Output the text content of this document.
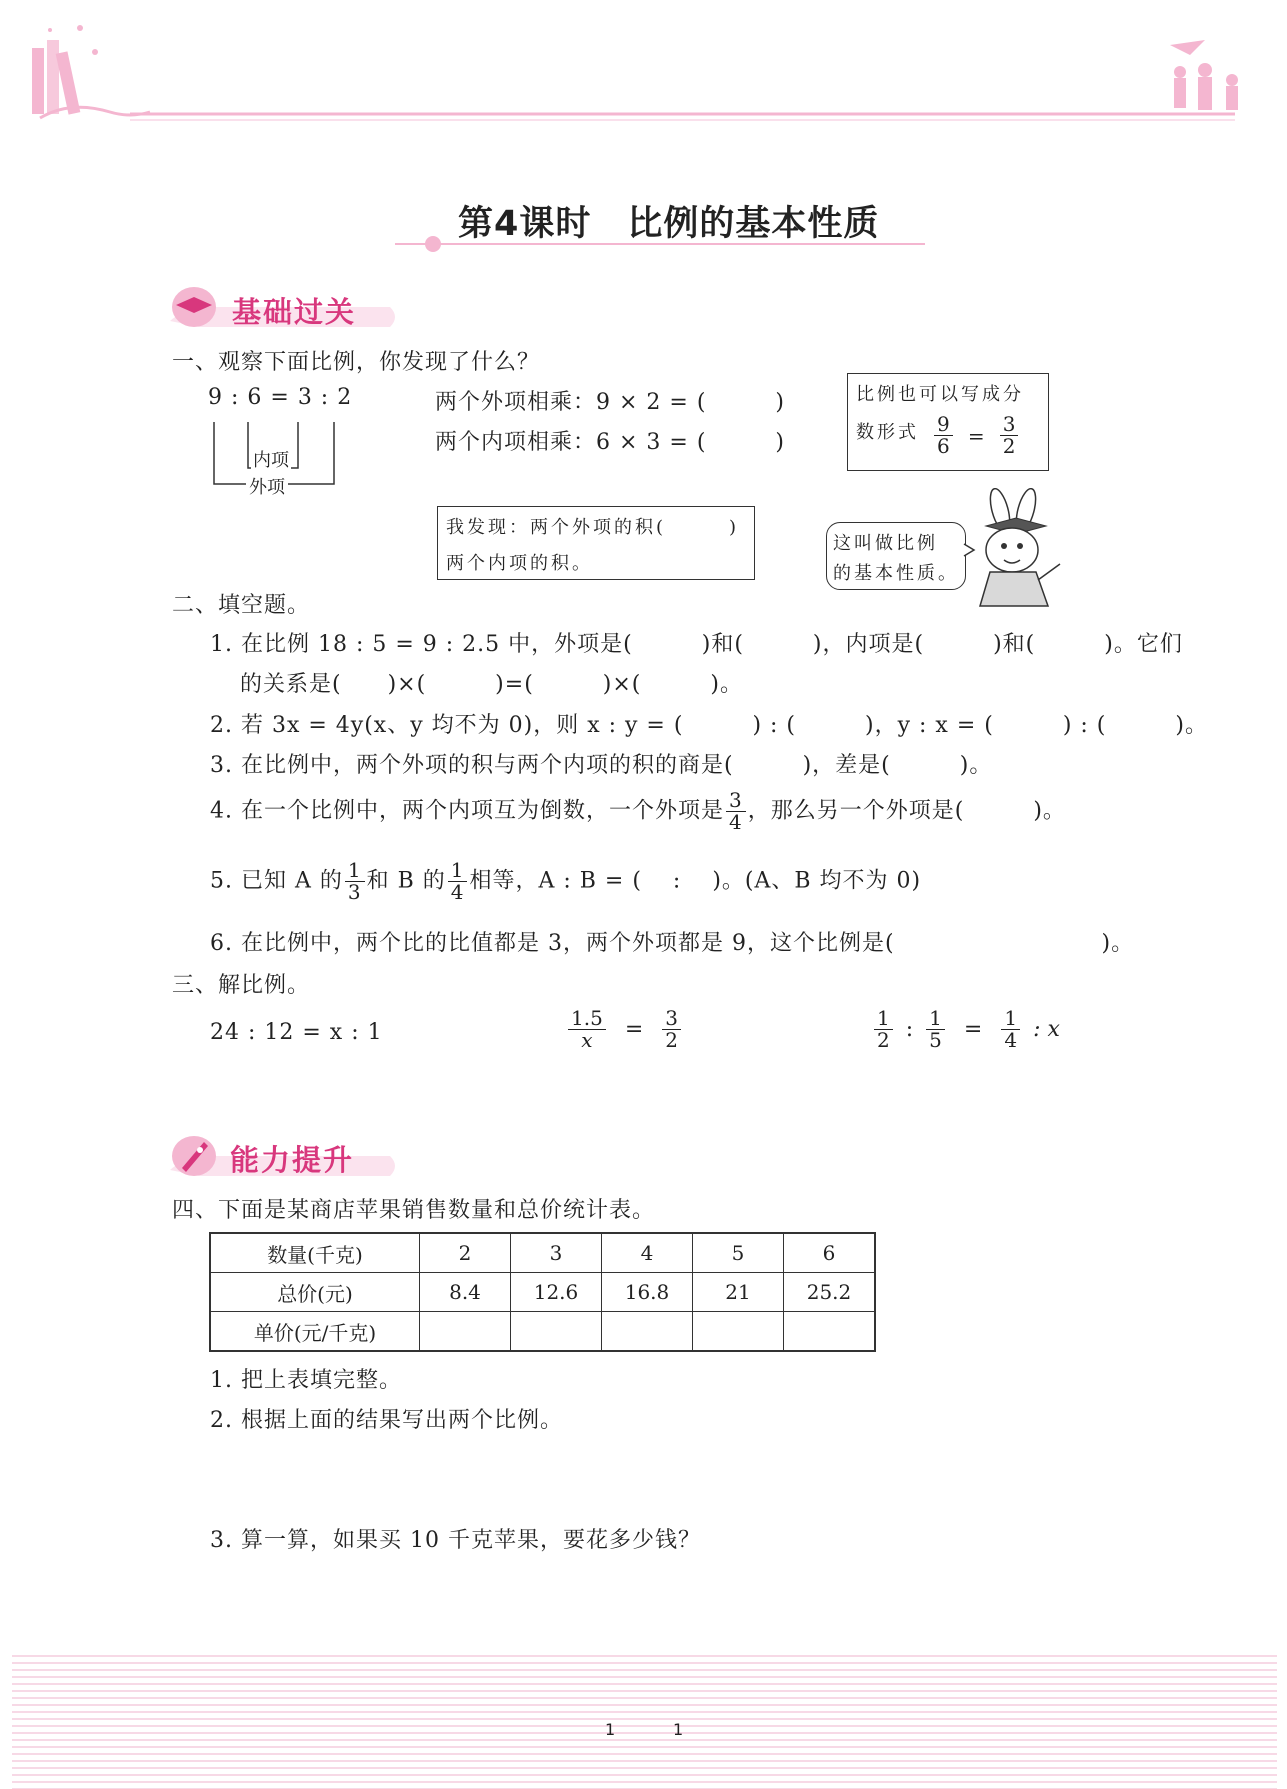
第4课时　比例的基本性质
基础过关
一、观察下面比例，你发现了什么？
9 : 6 = 3 : 2
内项
外项
两个外项相乘：9 × 2 = (　　　)
两个内项相乘：6 × 3 = (　　　)
比例也可以写成分
数形式 $\frac{9}{6} = \frac{3}{2}$
我发现：两个外项的积(　　　)
两个内项的积。
这叫做比例
的基本性质。
二、填空题。
1. 在比例 18 : 5 = 9 : 2.5 中，外项是(　　　)和(　　　)，内项是(　　　)和(　　　)。它们
的关系是(　　)×(　　　)=(　　　)×(　　　)。
2. 若 3x = 4y(x、y 均不为 0)，则 x : y = (　　　) : (　　　)，y : x = (　　　) : (　　　)。
3. 在比例中，两个外项的积与两个内项的积的商是(　　　)，差是(　　　)。
4. 在一个比例中，两个内项互为倒数，一个外项是 $\frac{3}{4}$ ，那么另一个外项是(　　　)。
5. 已知 A 的 $\frac{1}{3}$ 和 B 的 $\frac{1}{4}$ 相等，A : B = (　 :　 )。(A、B 均不为 0)
6. 在比例中，两个比的比值都是 3，两个外项都是 9，这个比例是(　　　　　　　　　)。
三、解比例。
24 : 12 = x : 1	$\frac{1.5}{x} = \frac{3}{2}$	$\frac{1}{2}$ : $\frac{1}{5} = \frac{1}{4}$ : x
能力提升
四、下面是某商店苹果销售数量和总价统计表。
数量(千克)	2	3	4	5	6
总价(元)	8.4	12.6	16.8	21	25.2
单价(元/千克)					
1. 把上表填完整。
2. 根据上面的结果写出两个比例。
3. 算一算，如果买 10 千克苹果，要花多少钱？
1	1
